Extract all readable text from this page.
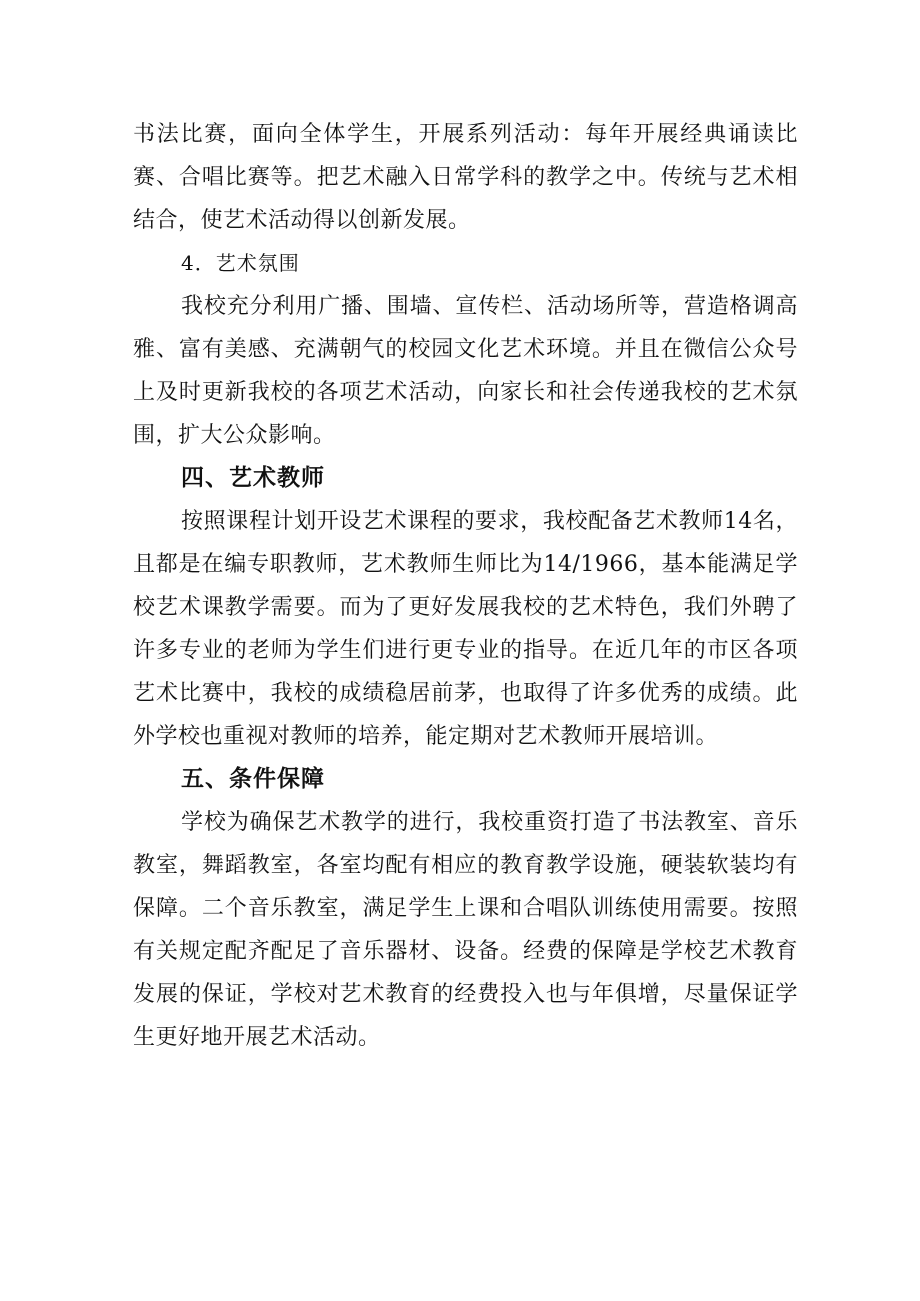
书法比赛，面向全体学生，开展系列活动：每年开展经典诵读比赛、合唱比赛等。把艺术融入日常学科的教学之中。传统与艺术相结合，使艺术活动得以创新发展。

4．艺术氛围

我校充分利用广播、围墙、宣传栏、活动场所等，营造格调高雅、富有美感、充满朝气的校园文化艺术环境。并且在微信公众号上及时更新我校的各项艺术活动，向家长和社会传递我校的艺术氛围，扩大公众影响。

四、艺术教师

按照课程计划开设艺术课程的要求，我校配备艺术教师14名，且都是在编专职教师，艺术教师生师比为14/1966，基本能满足学校艺术课教学需要。而为了更好发展我校的艺术特色，我们外聘了许多专业的老师为学生们进行更专业的指导。在近几年的市区各项艺术比赛中，我校的成绩稳居前茅，也取得了许多优秀的成绩。此外学校也重视对教师的培养，能定期对艺术教师开展培训。

五、条件保障

学校为确保艺术教学的进行，我校重资打造了书法教室、音乐教室，舞蹈教室，各室均配有相应的教育教学设施，硬装软装均有保障。二个音乐教室，满足学生上课和合唱队训练使用需要。按照有关规定配齐配足了音乐器材、设备。经费的保障是学校艺术教育发展的保证，学校对艺术教育的经费投入也与年俱增，尽量保证学生更好地开展艺术活动。
